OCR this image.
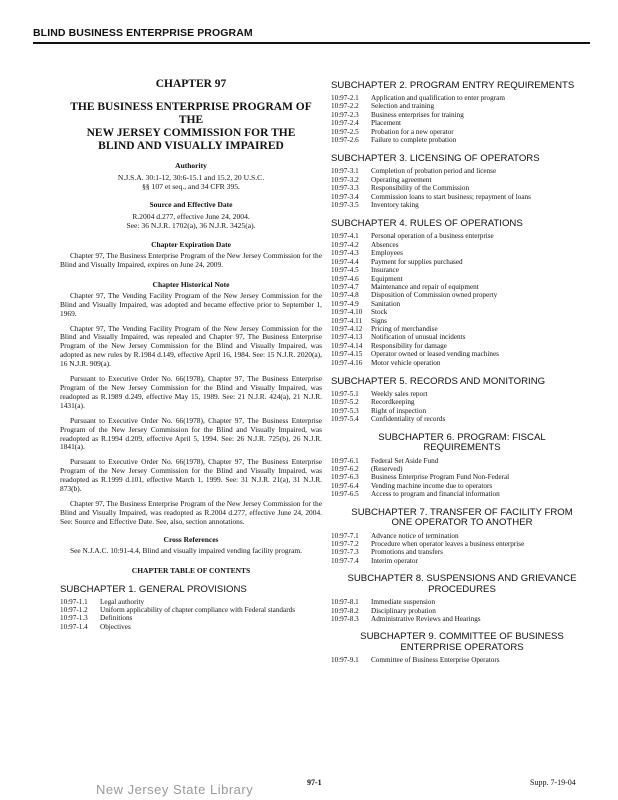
BLIND BUSINESS ENTERPRISE PROGRAM
CHAPTER 97
THE BUSINESS ENTERPRISE PROGRAM OF THE
NEW JERSEY COMMISSION FOR THE
BLIND AND VISUALLY IMPAIRED
Authority

N.J.S.A. 30:1-12, 30:6-15.1 and 15.2, 20 U.S.C.

§§ 107 et seq., and 34 CFR 395.

Source and Effective Date

R.2004 d.277, effective June 24, 2004.

See: 36 N.J.R. 1702(a), 36 N.J.R. 3425(a).

Chapter Expiration Date

Chapter 97, The Business Enterprise Program of the New Jersey Commission for the Blind and Visually Impaired, expires on June 24, 2009.

Chapter Historical Note

Chapter 97, The Vending Facility Program of the New Jersey Commission for the Blind and Visually Impaired, was adopted and became effective prior to September 1, 1969.

Chapter 97, The Vending Facility Program of the New Jersey Commission for the Blind and Visually Impaired, was repealed and Chapter 97, The Business Enterprise Program of the New Jersey Commission for the Blind and Visually Impaired, was adopted as new rules by R.1984 d.149, effective April 16, 1984. See: 15 N.J.R. 2020(a), 16 N.J.R. 909(a).

Pursuant to Executive Order No. 66(1978), Chapter 97, The Business Enterprise Program of the New Jersey Commission for the Blind and Visually Impaired, was readopted as R.1989 d.249, effective May 15, 1989. See: 21 N.J.R. 424(a), 21 N.J.R. 1431(a).

Pursuant to Executive Order No. 66(1978), Chapter 97, The Business Enterprise Program of the New Jersey Commission for the Blind and Visually Impaired, was readopted as R.1994 d.209, effective April 5, 1994. See: 26 N.J.R. 725(b), 26 N.J.R. 1841(a).

Pursuant to Executive Order No. 66(1978), Chapter 97, The Business Enterprise Program of the New Jersey Commission for the Blind and Visually Impaired, was readopted as R.1999 d.101, effective March 1, 1999. See: 31 N.J.R. 21(a), 31 N.J.R. 873(b).

Chapter 97, The Business Enterprise Program of the New Jersey Commission for the Blind and Visually Impaired, was readopted as R.2004 d.277, effective June 24, 2004. See: Source and Effective Date. See, also, section annotations.

Cross References

See N.J.A.C. 10:91-4.4, Blind and visually impaired vending facility program.

CHAPTER TABLE OF CONTENTS
SUBCHAPTER 1. GENERAL PROVISIONS
10:97-1.1	Legal authority
10:97-1.2	Uniform applicability of chapter compliance with Federal standards
10:97-1.3	Definitions
10:97-1.4	Objectives
SUBCHAPTER 2. PROGRAM ENTRY REQUIREMENTS
10:97-2.1	Application and qualification to enter program
10:97-2.2	Selection and training
10:97-2.3	Business enterprises for training
10:97-2.4	Placement
10:97-2.5	Probation for a new operator
10:97-2.6	Failure to complete probation
SUBCHAPTER 3. LICENSING OF OPERATORS
10:97-3.1	Completion of probation period and license
10:97-3.2	Operating agreement
10:97-3.3	Responsibility of the Commission
10:97-3.4	Commission loans to start business; repayment of loans
10:97-3.5	Inventory taking
SUBCHAPTER 4. RULES OF OPERATIONS
10:97-4.1	Personal operation of a business enterprise
10:97-4.2	Absences
10:97-4.3	Employees
10:97-4.4	Payment for supplies purchased
10:97-4.5	Insurance
10:97-4.6	Equipment
10:97-4.7	Maintenance and repair of equipment
10:97-4.8	Disposition of Commission owned property
10:97-4.9	Sanitation
10:97-4.10	Stock
10:97-4.11	Signs
10:97-4.12	Pricing of merchandise
10:97-4.13	Notification of unusual incidents
10:97-4.14	Responsibility for damage
10:97-4.15	Operator owned or leased vending machines
10:97-4.16	Motor vehicle operation
SUBCHAPTER 5. RECORDS AND MONITORING
10:97-5.1	Weekly sales report
10:97-5.2	Recordkeeping
10:97-5.3	Right of inspection
10:97-5.4	Confidentiality of records
SUBCHAPTER 6. PROGRAM: FISCAL
REQUIREMENTS
10:97-6.1	Federal Set Aside Fund
10:97-6.2	(Reserved)
10:97-6.3	Business Enterprise Program Fund Non-Federal
10:97-6.4	Vending machine income due to operators
10:97-6.5	Access to program and financial information
SUBCHAPTER 7. TRANSFER OF FACILITY FROM
ONE OPERATOR TO ANOTHER
10:97-7.1	Advance notice of termination
10:97-7.2	Procedure when operator leaves a business enterprise
10:97-7.3	Promotions and transfers
10:97-7.4	Interim operator
SUBCHAPTER 8. SUSPENSIONS AND GRIEVANCE
PROCEDURES
10:97-8.1	Immediate suspension
10:97-8.2	Disciplinary probation
10:97-8.3	Administrative Reviews and Hearings
SUBCHAPTER 9. COMMITTEE OF BUSINESS
ENTERPRISE OPERATORS
10:97-9.1	Committee of Business Enterprise Operators
97-1	Supp. 7-19-04
New Jersey State Library
